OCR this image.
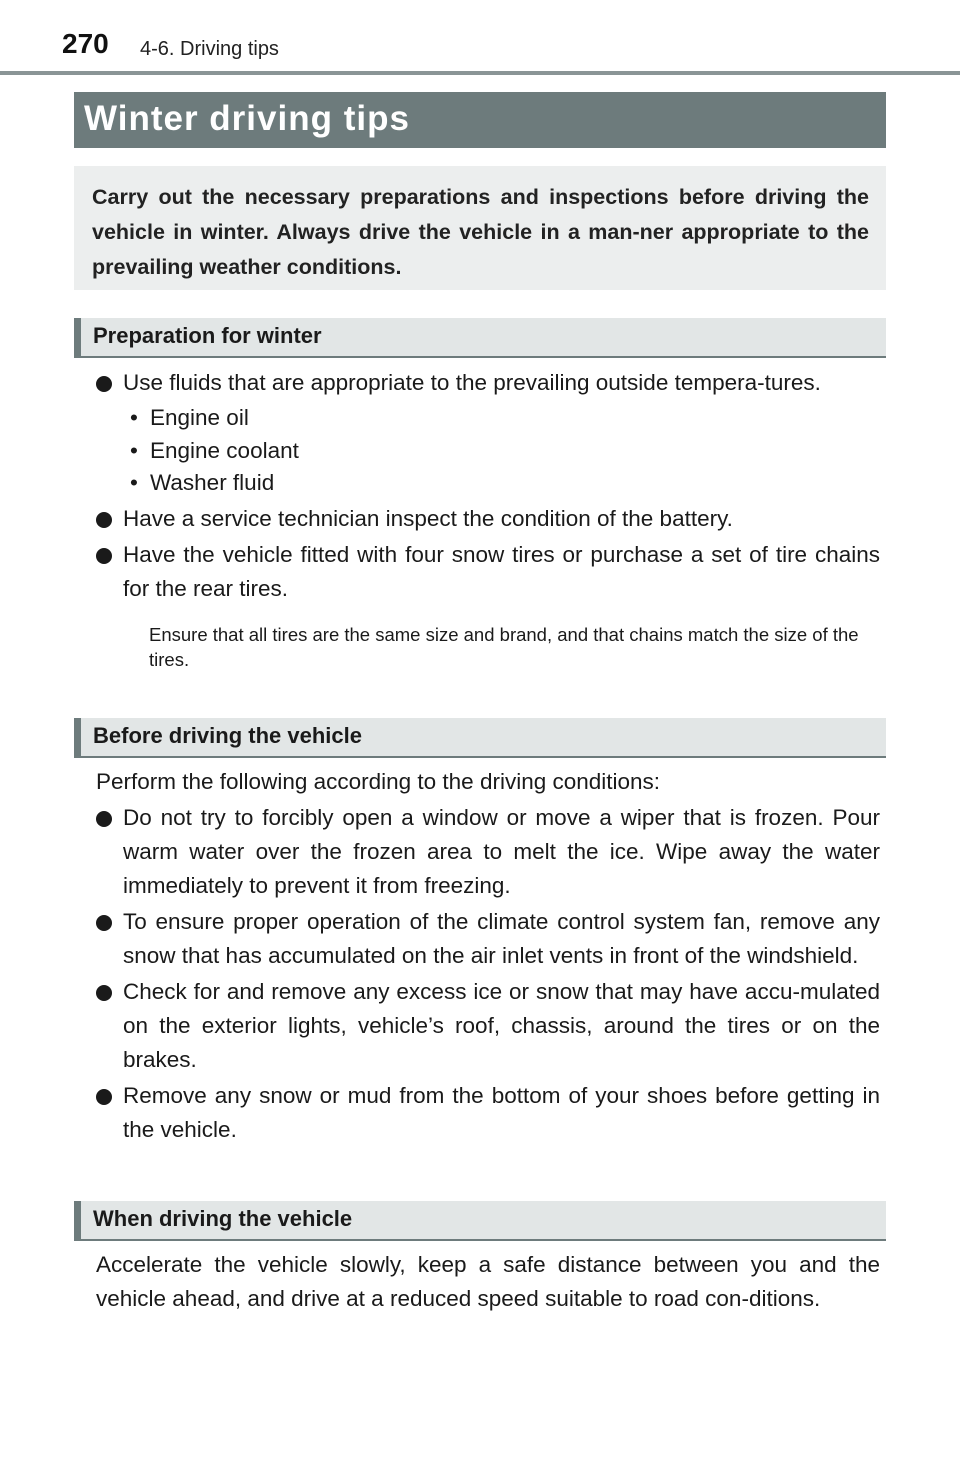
270 4-6. Driving tips
Winter driving tips
Carry out the necessary preparations and inspections before driving the vehicle in winter. Always drive the vehicle in a man-ner appropriate to the prevailing weather conditions.
Preparation for winter
Use fluids that are appropriate to the prevailing outside tempera-tures.
• Engine oil
• Engine coolant
• Washer fluid
Have a service technician inspect the condition of the battery.
Have the vehicle fitted with four snow tires or purchase a set of tire chains for the rear tires.
Ensure that all tires are the same size and brand, and that chains match the size of the tires.
Before driving the vehicle
Perform the following according to the driving conditions:
Do not try to forcibly open a window or move a wiper that is frozen. Pour warm water over the frozen area to melt the ice. Wipe away the water immediately to prevent it from freezing.
To ensure proper operation of the climate control system fan, remove any snow that has accumulated on the air inlet vents in front of the windshield.
Check for and remove any excess ice or snow that may have accu-mulated on the exterior lights, vehicle’s roof, chassis, around the tires or on the brakes.
Remove any snow or mud from the bottom of your shoes before getting in the vehicle.
When driving the vehicle
Accelerate the vehicle slowly, keep a safe distance between you and the vehicle ahead, and drive at a reduced speed suitable to road con-ditions.
